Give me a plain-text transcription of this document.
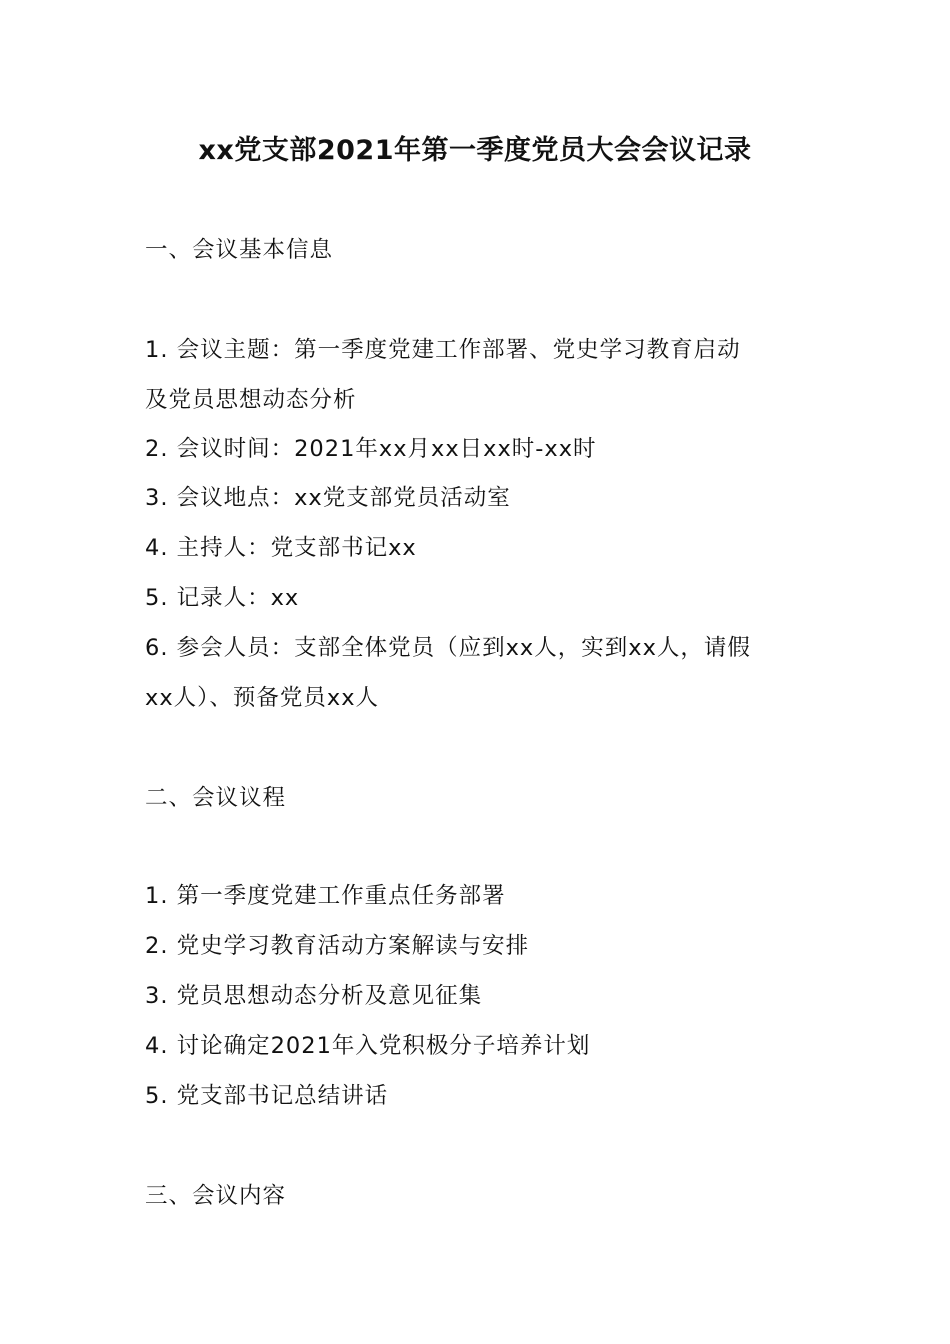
xx党支部2021年第一季度党员大会会议记录
一、会议基本信息
1. 会议主题：第一季度党建工作部署、党史学习教育启动
及党员思想动态分析
2. 会议时间：2021年xx月xx日xx时-xx时
3. 会议地点：xx党支部党员活动室
4. 主持人：党支部书记xx
5. 记录人：xx
6. 参会人员：支部全体党员（应到xx人，实到xx人，请假
xx人）、预备党员xx人
二、会议议程
1. 第一季度党建工作重点任务部署
2. 党史学习教育活动方案解读与安排
3. 党员思想动态分析及意见征集
4. 讨论确定2021年入党积极分子培养计划
5. 党支部书记总结讲话
三、会议内容
